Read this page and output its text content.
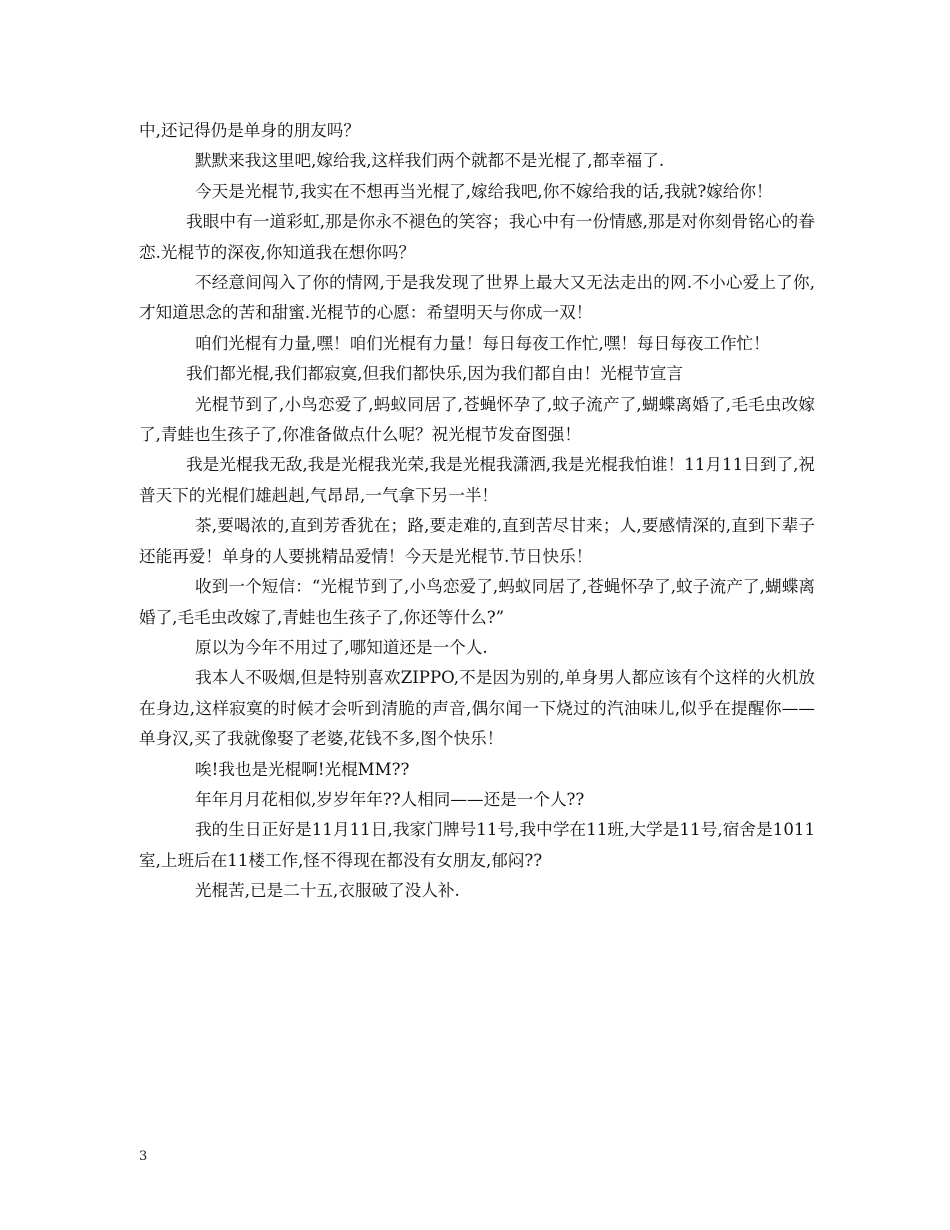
中,还记得仍是单身的朋友吗？

默默来我这里吧,嫁给我,这样我们两个就都不是光棍了,都幸福了.

今天是光棍节,我实在不想再当光棍了,嫁给我吧,你不嫁给我的话,我就?嫁给你！

我眼中有一道彩虹,那是你永不褪色的笑容；我心中有一份情感,那是对你刻骨铭心的眷恋.光棍节的深夜,你知道我在想你吗？

不经意间闯入了你的情网,于是我发现了世界上最大又无法走出的网.不小心爱上了你,才知道思念的苦和甜蜜.光棍节的心愿：希望明天与你成一双！

咱们光棍有力量,嘿！咱们光棍有力量！每日每夜工作忙,嘿！每日每夜工作忙！

我们都光棍,我们都寂寞,但我们都快乐,因为我们都自由！光棍节宣言

光棍节到了,小鸟恋爱了,蚂蚁同居了,苍蝇怀孕了,蚊子流产了,蝴蝶离婚了,毛毛虫改嫁了,青蛙也生孩子了,你准备做点什么呢？祝光棍节发奋图强！

我是光棍我无敌,我是光棍我光荣,我是光棍我潇洒,我是光棍我怕谁！11月11日到了,祝普天下的光棍们雄赳赳,气昂昂,一气拿下另一半！

茶,要喝浓的,直到芳香犹在；路,要走难的,直到苦尽甘来；人,要感情深的,直到下辈子还能再爱！单身的人要挑精品爱情！今天是光棍节.节日快乐！

收到一个短信：“光棍节到了,小鸟恋爱了,蚂蚁同居了,苍蝇怀孕了,蚊子流产了,蝴蝶离婚了,毛毛虫改嫁了,青蛙也生孩子了,你还等什么?”

原以为今年不用过了,哪知道还是一个人.

我本人不吸烟,但是特别喜欢ZIPPO,不是因为别的,单身男人都应该有个这样的火机放在身边,这样寂寞的时候才会听到清脆的声音,偶尔闻一下烧过的汽油味儿,似乎在提醒你——单身汉,买了我就像娶了老婆,花钱不多,图个快乐！

唉!我也是光棍啊!光棍MM??

年年月月花相似,岁岁年年??人相同——还是一个人??

我的生日正好是11月11日,我家门牌号11号,我中学在11班,大学是11号,宿舍是1011室,上班后在11楼工作,怪不得现在都没有女朋友,郁闷??

光棍苦,已是二十五,衣服破了没人补.

3
